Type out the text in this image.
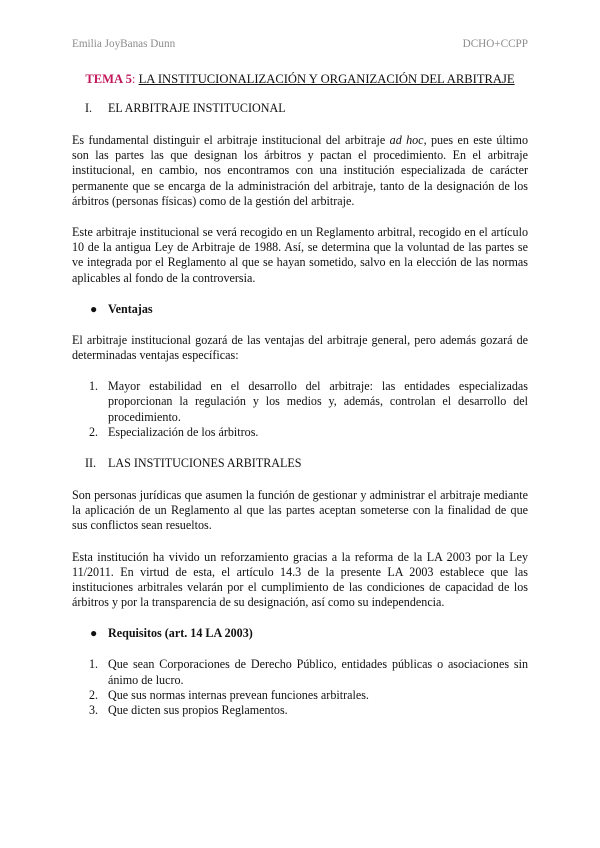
Emilia JoyBanas Dunn	DCHO+CCPP
TEMA 5: LA INSTITUCIONALIZACIÓN Y ORGANIZACIÓN DEL ARBITRAJE
I. EL ARBITRAJE INSTITUCIONAL

Es fundamental distinguir el arbitraje institucional del arbitraje ad hoc, pues en este último son las partes las que designan los árbitros y pactan el procedimiento. En el arbitraje institucional, en cambio, nos encontramos con una institución especializada de carácter permanente que se encarga de la administración del arbitraje, tanto de la designación de los árbitros (personas físicas) como de la gestión del arbitraje.

Este arbitraje institucional se verá recogido en un Reglamento arbitral, recogido en el artículo 10 de la antigua Ley de Arbitraje de 1988. Así, se determina que la voluntad de las partes se ve integrada por el Reglamento al que se hayan sometido, salvo en la elección de las normas aplicables al fondo de la controversia.

● Ventajas

El arbitraje institucional gozará de las ventajas del arbitraje general, pero además gozará de determinadas ventajas específicas:

1. Mayor estabilidad en el desarrollo del arbitraje: las entidades especializadas proporcionan la regulación y los medios y, además, controlan el desarrollo del procedimiento.
2. Especialización de los árbitros.
II. LAS INSTITUCIONES ARBITRALES

Son personas jurídicas que asumen la función de gestionar y administrar el arbitraje mediante la aplicación de un Reglamento al que las partes aceptan someterse con la finalidad de que sus conflictos sean resueltos.

Esta institución ha vivido un reforzamiento gracias a la reforma de la LA 2003 por la Ley 11/2011. En virtud de esta, el artículo 14.3 de la presente LA 2003 establece que las instituciones arbitrales velarán por el cumplimiento de las condiciones de capacidad de los árbitros y por la transparencia de su designación, así como su independencia.

● Requisitos (art. 14 LA 2003)
1. Que sean Corporaciones de Derecho Público, entidades públicas o asociaciones sin ánimo de lucro.
2. Que sus normas internas prevean funciones arbitrales.
3. Que dicten sus propios Reglamentos.
